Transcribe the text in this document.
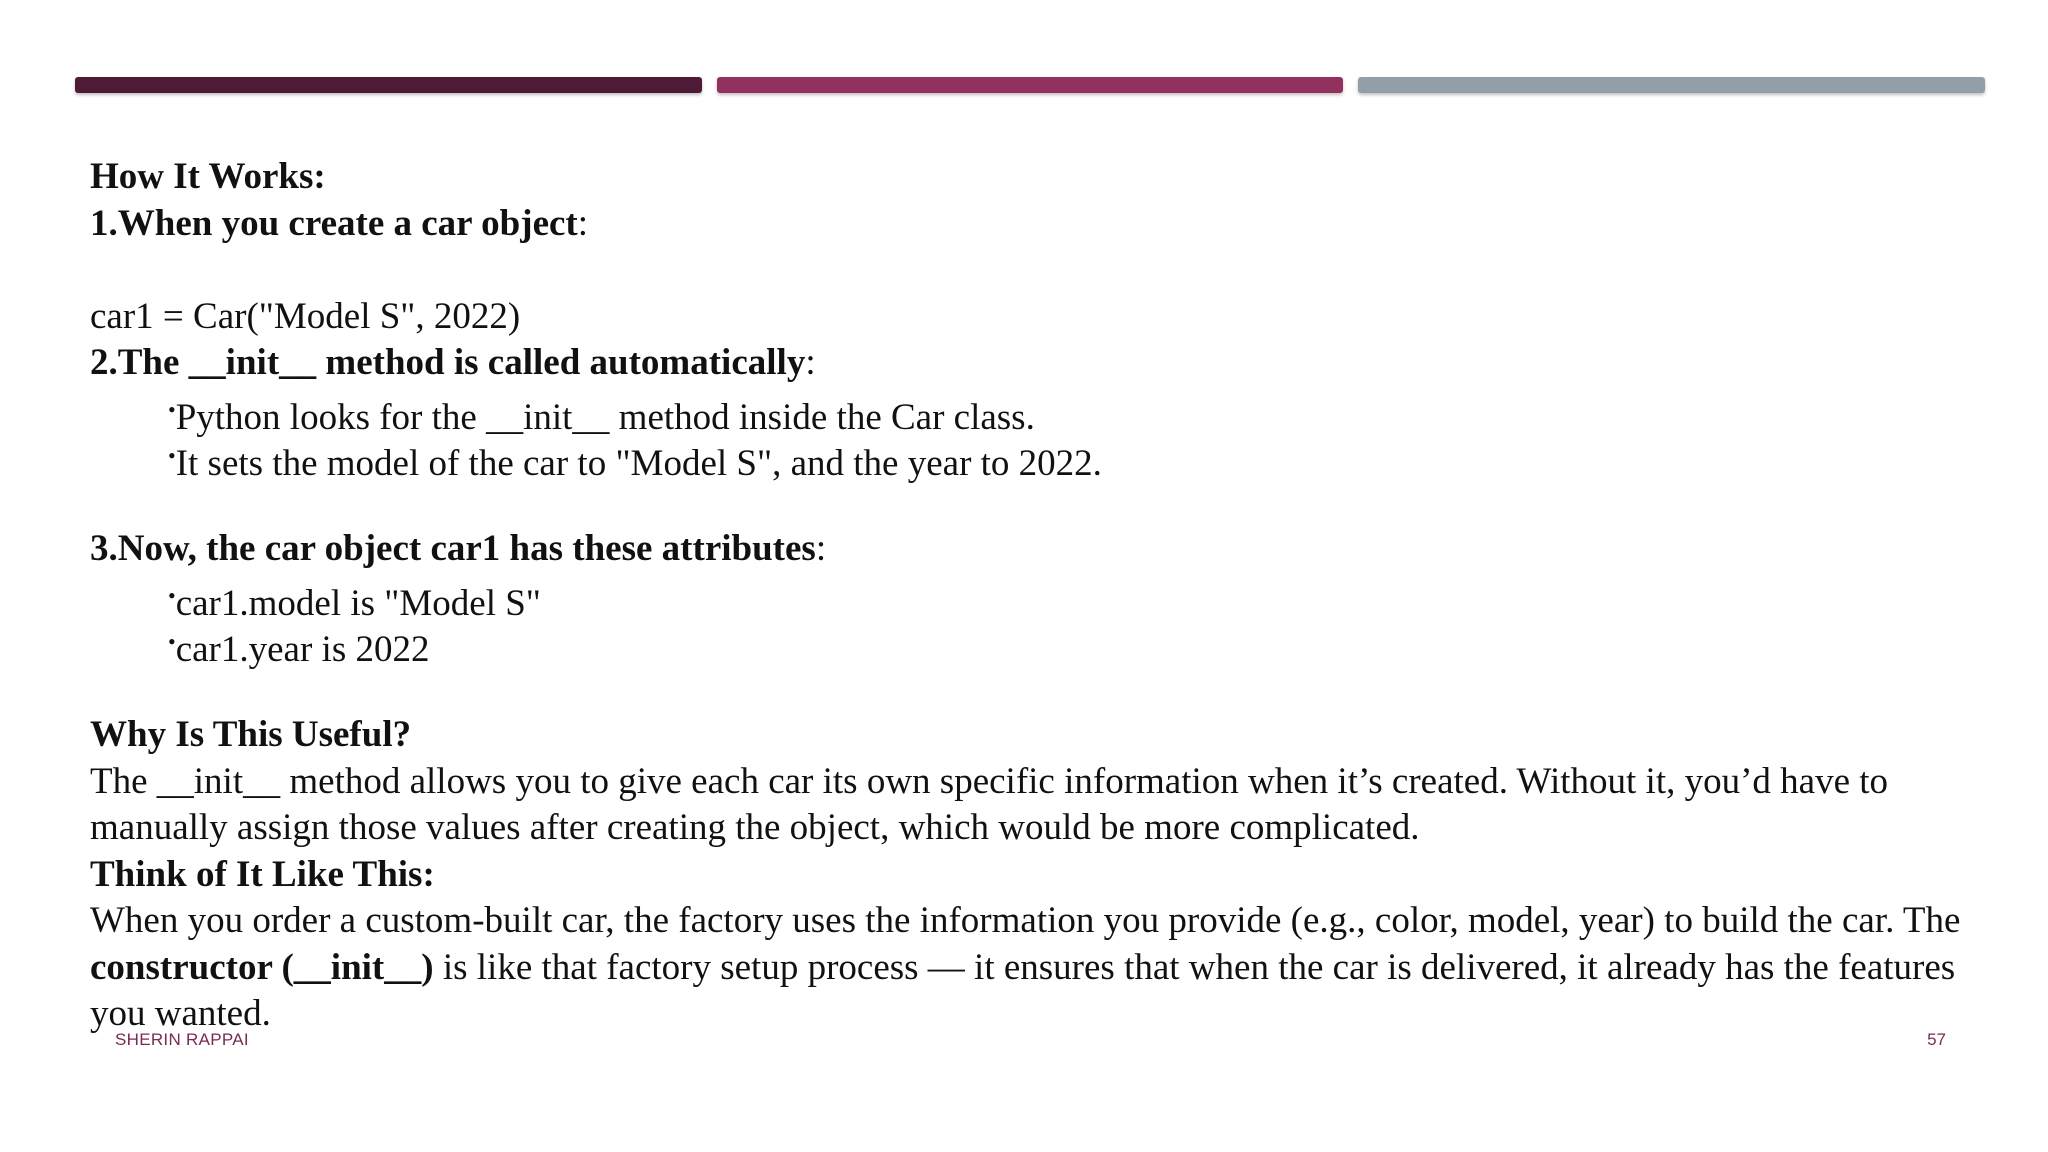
How It Works:

1.When you create a car object:

car1 = Car("Model S", 2022)

2.The __init__ method is called automatically:

•Python looks for the __init__ method inside the Car class.

•It sets the model of the car to "Model S", and the year to 2022.

3.Now, the car object car1 has these attributes:

•car1.model is "Model S"

•car1.year is 2022

Why Is This Useful?

The __init__ method allows you to give each car its own specific information when it’s created. Without it, you’d have to manually assign those values after creating the object, which would be more complicated.

Think of It Like This:

When you order a custom-built car, the factory uses the information you provide (e.g., color, model, year) to build the car. The constructor (__init__) is like that factory setup process — it ensures that when the car is delivered, it already has the features you wanted.

SHERIN RAPPAI	57
